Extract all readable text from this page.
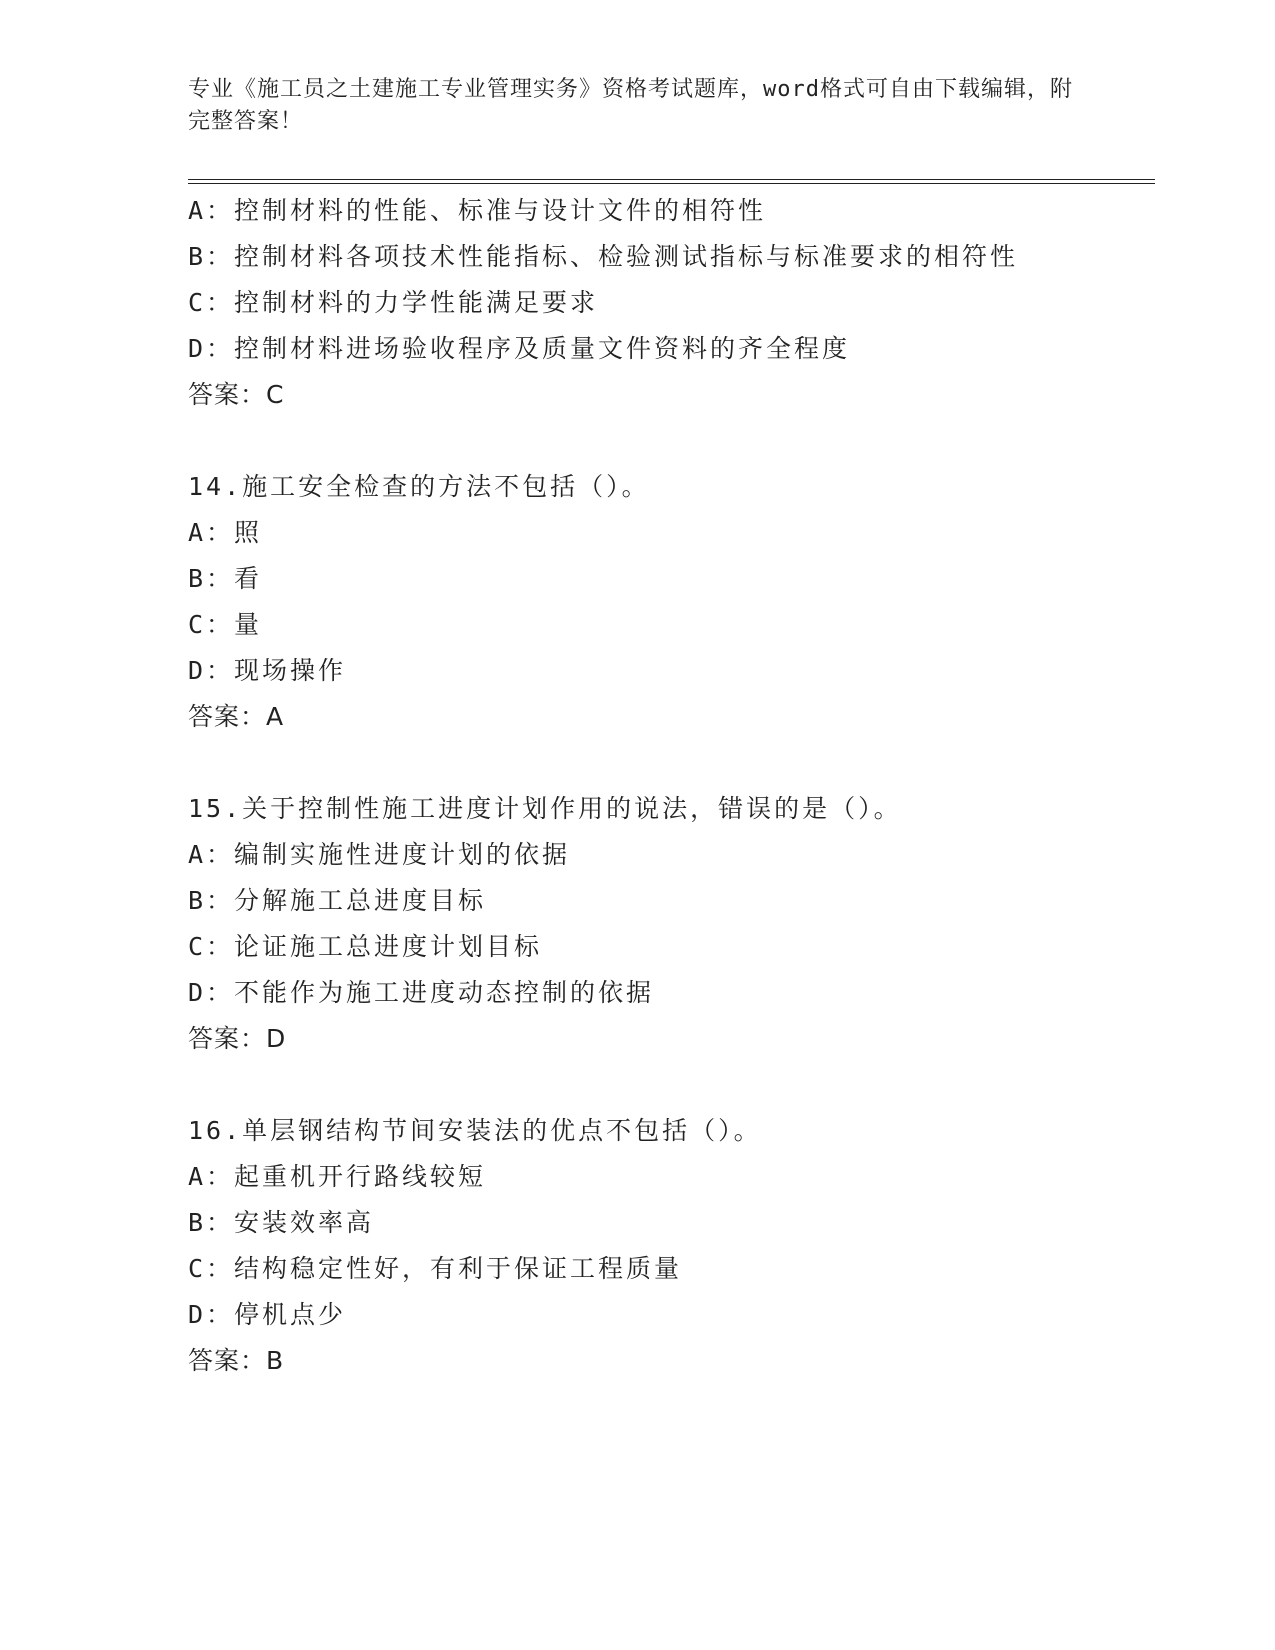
专业《施工员之土建施工专业管理实务》资格考试题库，word格式可自由下载编辑，附完整答案！
A：控制材料的性能、标准与设计文件的相符性
B：控制材料各项技术性能指标、检验测试指标与标准要求的相符性
C：控制材料的力学性能满足要求
D：控制材料进场验收程序及质量文件资料的齐全程度
答案：C
14.施工安全检查的方法不包括（）。
A：照
B：看
C：量
D：现场操作
答案：A
15.关于控制性施工进度计划作用的说法，错误的是（）。
A：编制实施性进度计划的依据
B：分解施工总进度目标
C：论证施工总进度计划目标
D：不能作为施工进度动态控制的依据
答案：D
16.单层钢结构节间安装法的优点不包括（）。
A：起重机开行路线较短
B：安装效率高
C：结构稳定性好，有利于保证工程质量
D：停机点少
答案：B
